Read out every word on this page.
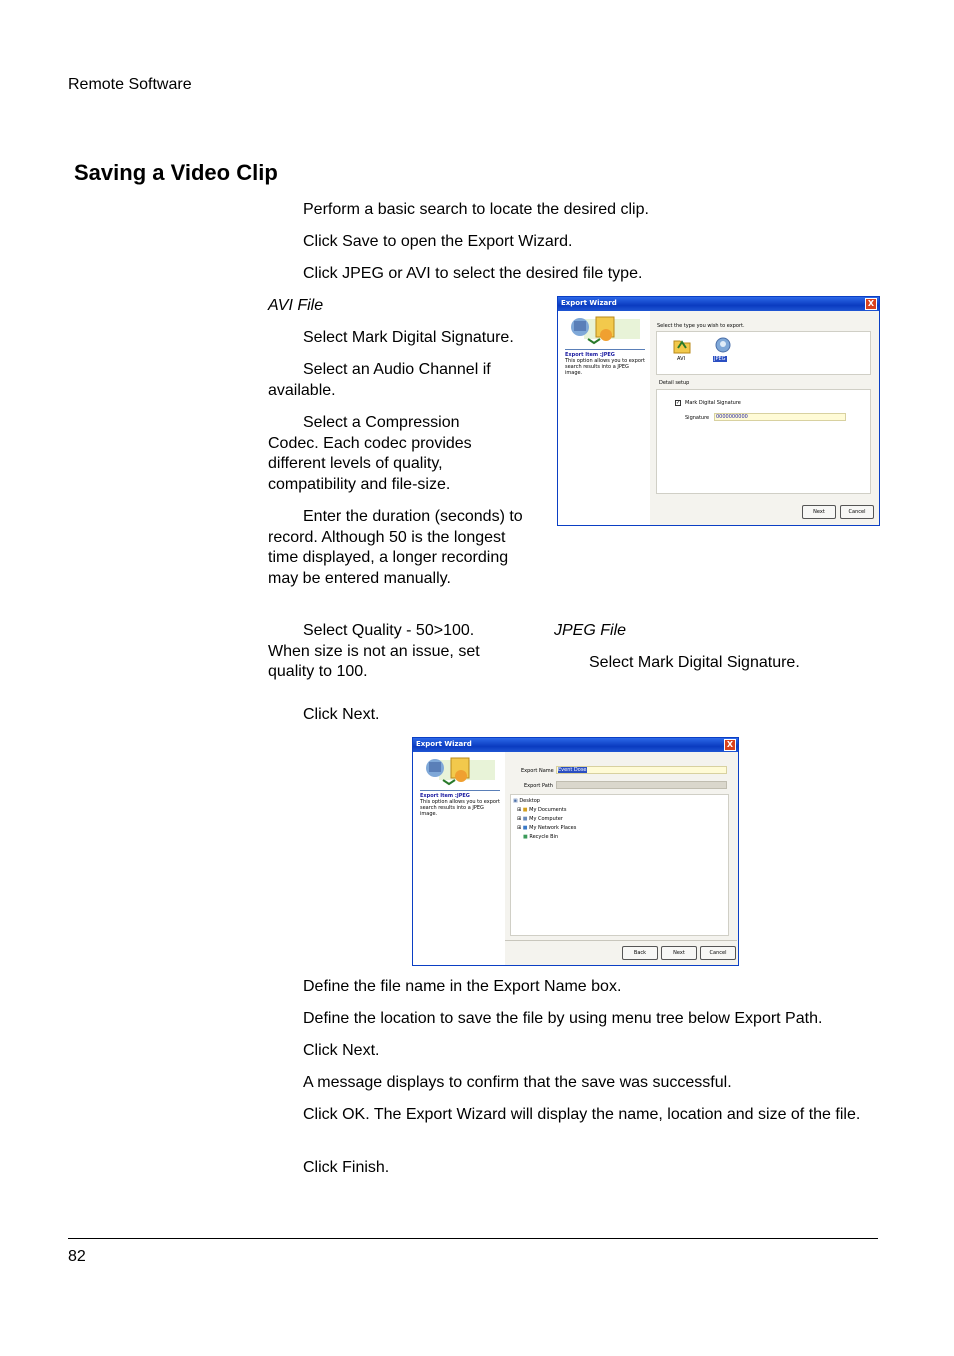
Remote Software
Saving a Video Clip
Perform a basic search to locate the desired clip.
Click Save to open the Export Wizard.
Click JPEG or AVI to select the desired file type.
AVI File
Select Mark Digital Signature.
Select an Audio Channel if available.
Select a Compression Codec. Each codec provides different levels of quality, compatibility and file-size.
Enter the duration (seconds) to record. Although 50 is the longest time displayed, a longer recording may be entered manually.
Select Quality - 50>100. When size is not an issue, set quality to 100.
JPEG File
Select Mark Digital Signature.
Click Next.
Export Wizard	X
Export Item :JPEG
This option allows you to export search results into a JPEG image.
Select the type you wish to export.
AVI	JPEG
Detail setup
✓ Mark Digital Signature
Signature	0000000000
Next	Cancel
Export Wizard	X
Export Item :JPEG
This option allows you to export search results into a JPEG image.
Export Name Event Dose
Export Path
▣ Desktop
⊞ ■ My Documents
⊞ ■ My Computer
⊞ ■ My Network Places
■ Recycle Bin
Back	Next	Cancel
Define the file name in the Export Name box.
Define the location to save the file by using menu tree below Export Path.
Click Next.
A message displays to confirm that the save was successful.
Click OK. The Export Wizard will display the name, location and size of the file.
Click Finish.
82
